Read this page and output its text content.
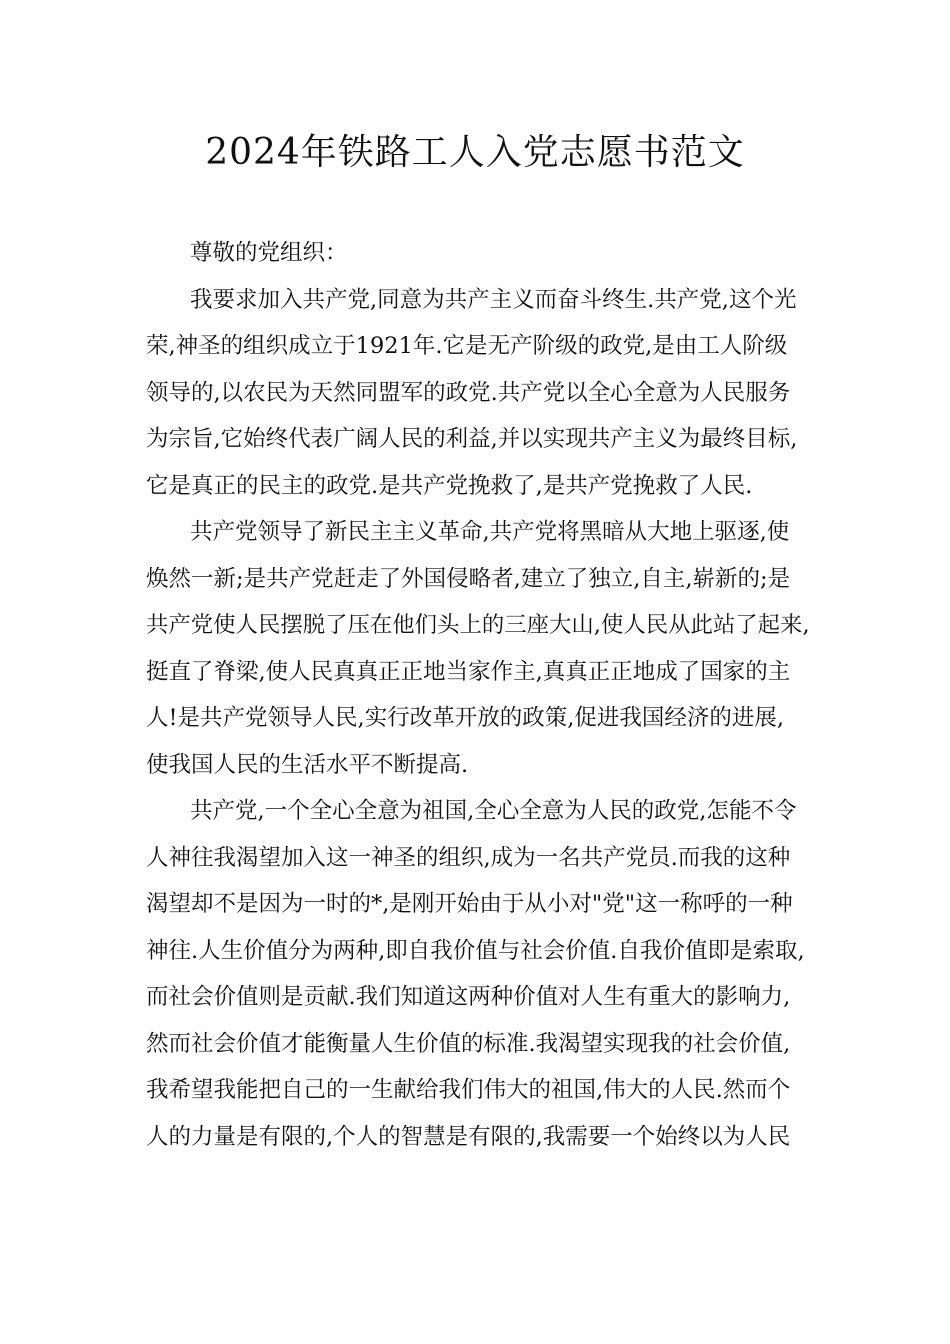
2024年铁路工人入党志愿书范文
尊敬的党组织：
我要求加入共产党,同意为共产主义而奋斗终生.共产党,这个光
荣,神圣的组织成立于1921年.它是无产阶级的政党,是由工人阶级
领导的,以农民为天然同盟军的政党.共产党以全心全意为人民服务
为宗旨,它始终代表广阔人民的利益,并以实现共产主义为最终目标,
它是真正的民主的政党.是共产党挽救了,是共产党挽救了人民.
共产党领导了新民主主义革命,共产党将黑暗从大地上驱逐,使
焕然一新;是共产党赶走了外国侵略者,建立了独立,自主,崭新的;是
共产党使人民摆脱了压在他们头上的三座大山,使人民从此站了起来,
挺直了脊梁,使人民真真正正地当家作主,真真正正地成了国家的主
人!是共产党领导人民,实行改革开放的政策,促进我国经济的进展,
使我国人民的生活水平不断提高.
共产党,一个全心全意为祖国,全心全意为人民的政党,怎能不令
人神往我渴望加入这一神圣的组织,成为一名共产党员.而我的这种
渴望却不是因为一时的*,是刚开始由于从小对"党"这一称呼的一种
神往.人生价值分为两种,即自我价值与社会价值.自我价值即是索取,
而社会价值则是贡献.我们知道这两种价值对人生有重大的影响力,
然而社会价值才能衡量人生价值的标准.我渴望实现我的社会价值,
我希望我能把自己的一生献给我们伟大的祖国,伟大的人民.然而个
人的力量是有限的,个人的智慧是有限的,我需要一个始终以为人民
